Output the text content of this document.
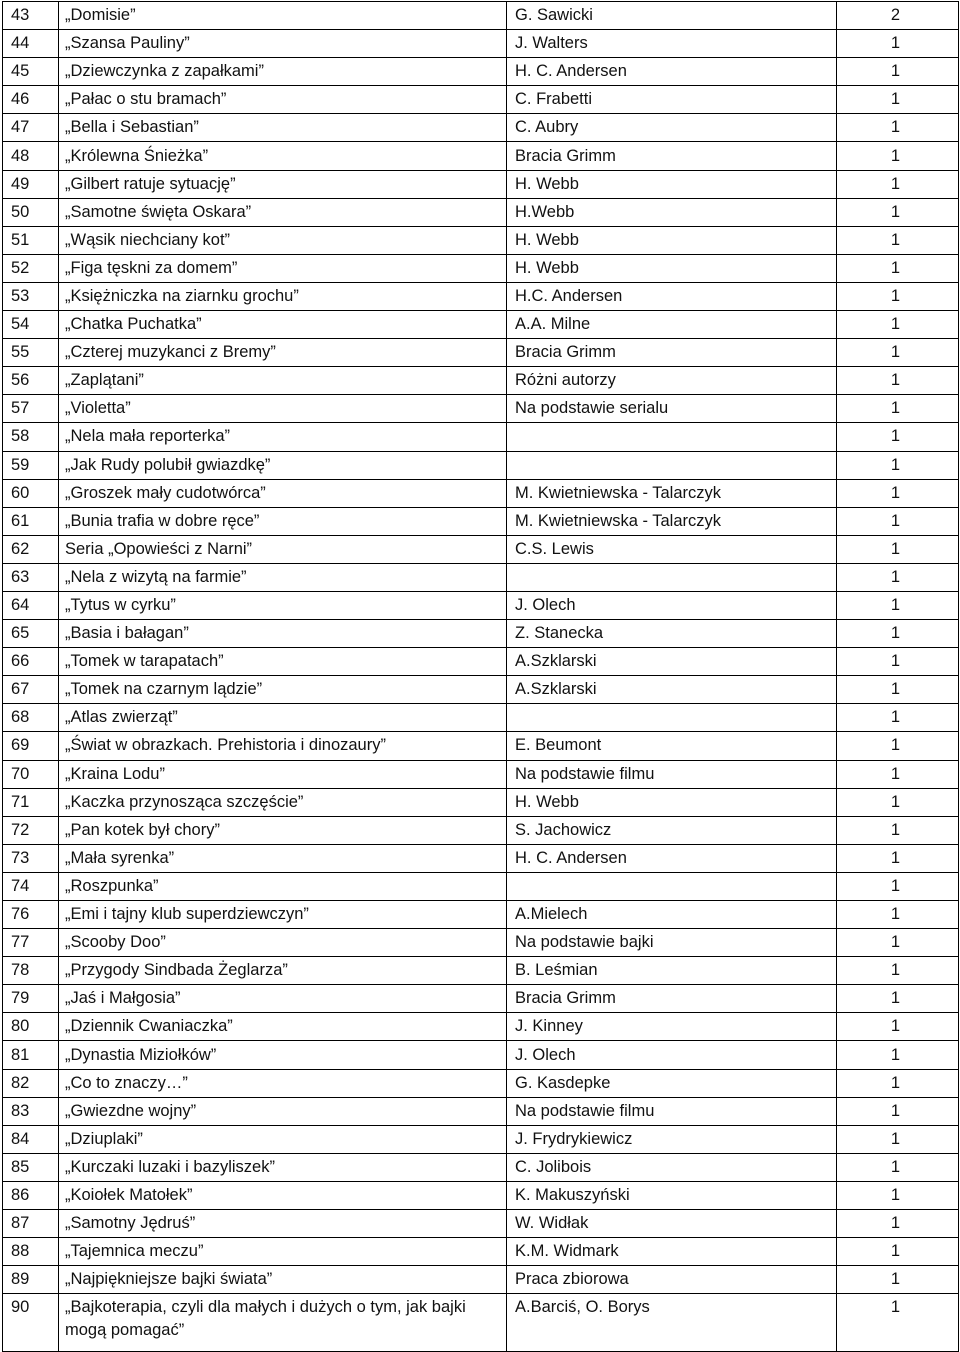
43	„Domisie”	G. Sawicki	2
44	„Szansa Pauliny”	J. Walters	1
45	„Dziewczynka z zapałkami”	H. C. Andersen	1
46	„Pałac o stu bramach”	C. Frabetti	1
47	„Bella i Sebastian”	C. Aubry	1
48	„Królewna Śnieżka”	Bracia Grimm	1
49	„Gilbert ratuje sytuację”	H. Webb	1
50	„Samotne święta Oskara”	H.Webb	1
51	„Wąsik niechciany kot”	H. Webb	1
52	„Figa tęskni za domem”	H. Webb	1
53	„Księżniczka na ziarnku grochu”	H.C. Andersen	1
54	„Chatka Puchatka”	A.A. Milne	1
55	„Czterej muzykanci z Bremy”	Bracia Grimm	1
56	„Zaplątani”	Różni autorzy	1
57	„Violetta”	Na podstawie serialu	1
58	„Nela mała reporterka”		1
59	„Jak Rudy polubił gwiazdkę”		1
60	„Groszek mały cudotwórca”	M. Kwietniewska - Talarczyk	1
61	„Bunia trafia w dobre ręce”	M. Kwietniewska - Talarczyk	1
62	Seria „Opowieści z Narni”	C.S. Lewis	1
63	„Nela z wizytą na farmie”		1
64	„Tytus w cyrku”	J. Olech	1
65	„Basia i bałagan”	Z. Stanecka	1
66	„Tomek w tarapatach”	A.Szklarski	1
67	„Tomek na czarnym lądzie”	A.Szklarski	1
68	„Atlas zwierząt”		1
69	„Świat w obrazkach. Prehistoria i dinozaury”	E. Beumont	1
70	„Kraina Lodu”	Na podstawie filmu	1
71	„Kaczka przynosząca szczęście”	H. Webb	1
72	„Pan kotek był chory”	S. Jachowicz	1
73	„Mała syrenka”	H. C. Andersen	1
74	„Roszpunka”		1
76	„Emi i tajny klub superdziewczyn”	A.Mielech	1
77	„Scooby Doo”	Na podstawie bajki	1
78	„Przygody Sindbada Żeglarza”	B. Leśmian	1
79	„Jaś i Małgosia”	Bracia Grimm	1
80	„Dziennik Cwaniaczka”	J. Kinney	1
81	„Dynastia Miziołków”	J. Olech	1
82	„Co to znaczy…”	G. Kasdepke	1
83	„Gwiezdne wojny”	Na podstawie filmu	1
84	„Dziuplaki”	J. Frydrykiewicz	1
85	„Kurczaki luzaki i bazyliszek”	C. Jolibois	1
86	„Koiołek Matołek”	K. Makuszyński	1
87	„Samotny Jędruś”	W. Widłak	1
88	„Tajemnica meczu”	K.M. Widmark	1
89	„Najpiękniejsze bajki świata”	Praca zbiorowa	1
90	„Bajkoterapia, czyli dla małych i dużych o tym, jak bajki mogą pomagać”	A.Barciś, O. Borys	1
